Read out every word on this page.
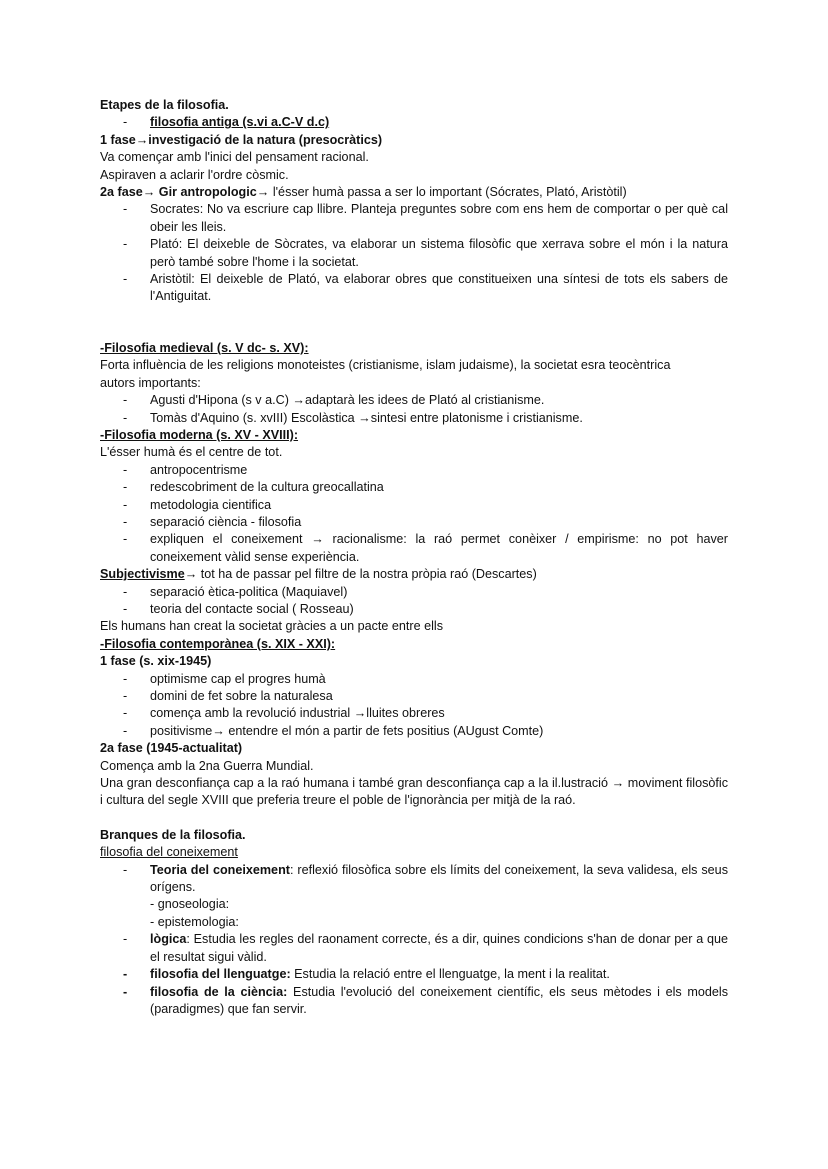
Etapes de la filosofia.

- filosofia antiga (s.vi a.C-V d.c)

1 fase→investigació de la natura (presocràtics)

Va començar amb l'inici del pensament racional.

Aspiraven a aclarir l'ordre còsmic.

2a fase→ Gir antropologic→ l'ésser humà passa a ser lo important (Sócrates, Plató, Aristòtil)

- Socrates: No va escriure cap llibre. Planteja preguntes sobre com ens hem de comportar o per què cal obeir les lleis.
- Plató: El deixeble de Sòcrates, va elaborar un sistema filosòfic que xerrava sobre el món i la natura però també sobre l'home i la societat.
- Aristòtil: El deixeble de Plató, va elaborar obres que constitueixen una síntesi de tots els sabers de l'Antiguitat.

-Filosofia medieval (s. V dc- s. XV):

Forta influència de les religions monoteistes (cristianisme, islam judaisme), la societat esra teocèntrica

autors importants:

- Agusti d'Hipona (s v a.C) →adaptarà les idees de Plató al cristianisme.
- Tomàs d'Aquino (s. xvIII) Escolàstica →sintesi entre platonisme i cristianisme.

-Filosofia moderna (s. XV - XVIII):

L'ésser humà és el centre de tot.

- antropocentrisme
- redescobriment de la cultura greocallatina
- metodologia cientifica
- separació ciència - filosofia
- expliquen el coneixement → racionalisme: la raó permet conèixer / empirisme: no pot haver coneixement vàlid sense experiència.

Subjectivisme→ tot ha de passar pel filtre de la nostra pròpia raó (Descartes)

- separació ètica-politica (Maquiavel)
- teoria del contacte social ( Rosseau)

Els humans han creat la societat gràcies a un pacte entre ells

-Filosofia contemporànea (s. XIX - XXI):

1 fase (s. xix-1945)

- optimisme cap el progres humà
- domini de fet sobre la naturalesa
- comença amb la revolució industrial →lluites obreres
- positivisme→ entendre el món a partir de fets positius (AUgust Comte)

2a fase (1945-actualitat)

Comença amb la 2na Guerra Mundial.

Una gran desconfiança cap a la raó humana i també gran desconfiança cap a la il.lustració → moviment filosòfic i cultura del segle XVIII que preferia treure el poble de l'ignorància per mitjà de la raó.

Branques de la filosofia.

filosofia del coneixement

- Teoria del coneixement: reflexió filosòfica sobre els límits del coneixement, la seva validesa, els seus orígens.
- gnoseologia:
- epistemologia:
- lògica: Estudia les regles del raonament correcte, és a dir, quines condicions s'han de donar per a que el resultat sigui vàlid.
- filosofia del llenguatge: Estudia la relació entre el llenguatge, la ment i la realitat.
- filosofia de la ciència: Estudia l'evolució del coneixement científic, els seus mètodes i els models (paradigmes) que fan servir.
